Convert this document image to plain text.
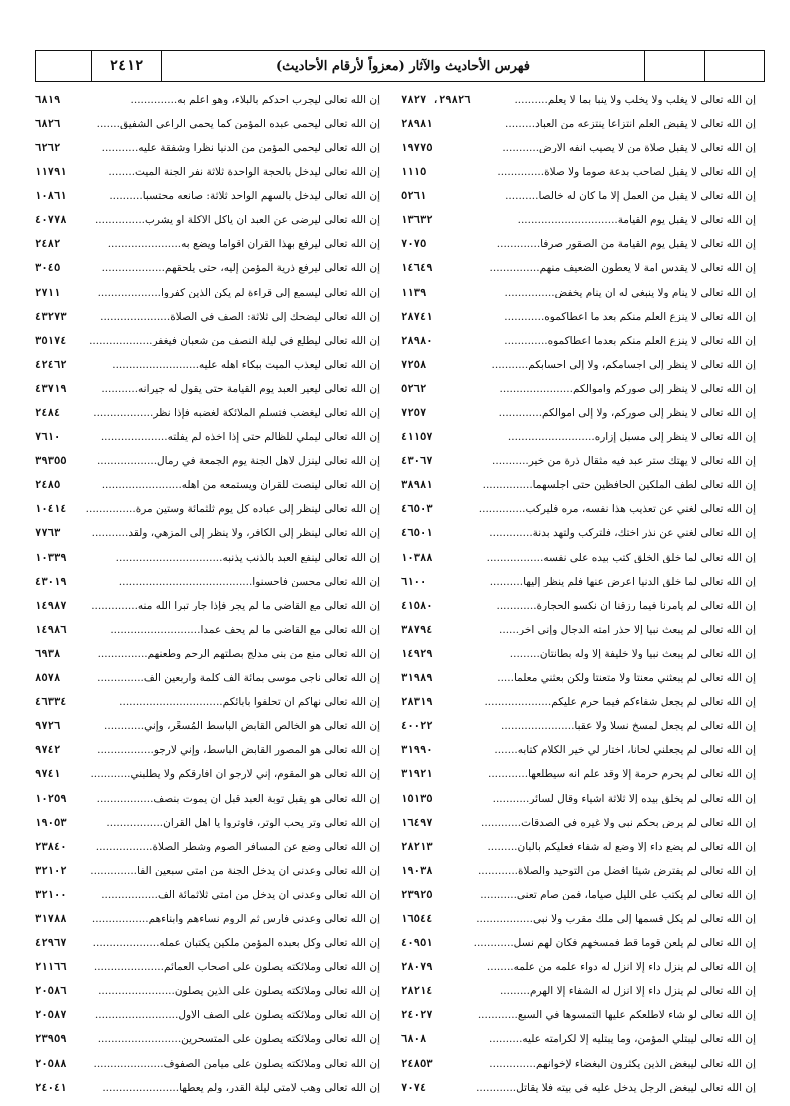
٢٤١٢	فهرس الأحاديث والآثار (معزواً لأرقام الأحاديث)
إن الله تعالى لا يغلب ولا يخلب ولا ينبأ بما لا يعلم..........
٢٩٨٢٦، ٧٨٢٧
إن الله تعالى لا يقبض العلم انتزاعا ينتزعه من العباد.........
٢٨٩٨١
إن الله تعالى لا يقبل صلاة من لا يصيب أنفه الأرض...........
١٩٧٧٥
إن الله تعالى لا يقبل لصاحب بدعة صوما ولا صلاة..............
١١١٥
إن الله تعالى لا يقبل من العمل إلا ما كان له خالصا..........
٥٢٦١
إن الله تعالى لا يقبل يوم القيامة..............................
١٣٦٣٢
إن الله تعالى لا يقبل يوم القيامة من الصقور صرفاً.............
٧٠٧٥
إن الله تعالى لا يقدس أمة لا يعطون الضعيف منهم...............
١٤٦٤٩
إن الله تعالى لا ينام ولا ينبغي له أن ينام يخفض...............
١١٣٩
إن الله تعالى لا ينزع العلم منكم بعد ما أعطاكموه............
٢٨٧٤١
إن الله تعالى لا ينزع العلم منكم بعدما أعطاكموه.............
٢٨٩٨٠
إن الله تعالى لا ينظر إلى أجسامكم، ولا إلى أحسابكم...........
٧٢٥٨
إن الله تعالى لا ينظر إلى صوركم وأموالكم......................
٥٢٦٢
إن الله تعالى لا ينظر إلى صوركم، ولا إلى أموالكم.............
٧٢٥٧
إن الله تعالى لا ينظر إلى مسبل إزاره..........................
٤١١٥٧
إن الله تعالى لا يهتك ستر عبد فيه مثقال ذرة من خير...........
٤٣٠٦٧
إن الله تعالى لطف الملكين الحافظين حتى أجلسهما...............
٣٨٩٨١
إن الله تعالى لغني عن تعذيب هذا نفسه، مره فليركب..............
٤٦٥٠٣
إن الله تعالى لغني عن نذر أختك، فلتركب ولتهد بدنة.............
٤٦٥٠١
إن الله تعالى لما خلق الخلق كتب بيده على نفسه.................
١٠٣٨٨
إن الله تعالى لما خلق الدنيا أعرض عنها فلم ينظر إليها..........
٦١٠٠
إن الله تعالى لم يأمرنا فيما رزقنا أن نكسو الحجارة............
٤١٥٨٠
إن الله تعالى لم يبعث نبياً إلا حذر أمته الدجال وإني آخر......
٣٨٧٩٤
إن الله تعالى لم يبعث نبياً ولا خليفة إلا وله بطانتان.........
١٤٩٢٩
إن الله تعالى لم يبعثني معنتا ولا متعنتا ولكن بعثني معلما.....
٣١٩٨٩
إن الله تعالى لم يجعل شفاءكم فيما حرم عليكم....................
٢٨٣١٩
إن الله تعالى لم يجعل لمسخ نسلا ولا عقبا......................
٤٠٠٢٢
إن الله تعالى لم يجعلني لحاناً، اختار لي خير الكلام كتابه.......
٣١٩٩٠
إن الله تعالى لم يحرم حرمة إلا وقد علم أنه سيطلعها............
٣١٩٢١
إن الله تعالى لم يخلق بيده إلا ثلاثة أشياء وقال لسائر...........
١٥١٣٥
إن الله تعالى لم يرض بحكم نبي ولا غيره في الصدقات............
١٦٤٩٧
إن الله تعالى لم يضع داء إلا وضع له شفاء فعليكم بألبان.........
٢٨٢١٣
إن الله تعالى لم يفترض شيئاً أفضل من التوحيد والصلاة............
١٩٠٣٨
إن الله تعالى لم يكتب على الليل صياماً، فمن صام تعنى...........
٢٣٩٢٥
إن الله تعالى لم يكل قسمها إلى ملك مقرب ولا نبي.................
١٦٥٤٤
إن الله تعالى لم يلعن قوماً قط فمسخهم فكان لهم نسل............
٤٠٩٥١
إن الله تعالى لم ينزل داء إلا أنزل له دواء علمه من علمه........
٢٨٠٧٩
إن الله تعالى لم ينزل داء إلا أنزل له الشفاء إلا الهرم.........
٢٨٢١٤
إن الله تعالى لو شاء لأطلعكم عليها التمسوها في السبع............
٢٤٠٢٧
إن الله تعالى ليبتلي المؤمن، وما يبتليه إلا لكرامته عليه..........
٦٨٠٨
إن الله تعالى ليبغض الذين يكثرون البغضاء لإخوانهم..............
٢٤٨٥٣
إن الله تعالى ليبغض الرجل يدخل عليه في بيته فلا يقاتل............
٧٠٧٤
إن الله تعالى ليجرب أحدكم بالبلاء، وهو أعلم به..............
٦٨١٩
إن الله تعالى ليحمي عبده المؤمن كما يحمي الراعي الشفيق.......
٦٨٢٦
إن الله تعالى ليحمي المؤمن من الدنيا نظرا وشفقة عليه...........
٦٢٦٢
إن الله تعالى ليدخل بالحجة الواحدة ثلاثة نفر الجنة الميت........
١١٧٩١
إن الله تعالى ليدخل بالسهم الواحد ثلاثة: صانعه محتسبا..........
١٠٨٦١
إن الله تعالى ليرضى عن العبد أن يأكل الأكلة أو يشرب...............
٤٠٧٧٨
إن الله تعالى ليرفع بهذا القرآن أقواما ويضع به......................
٢٤٨٢
إن الله تعالى ليرفع ذرية المؤمن إليه، حتى يلحقهم...................
٣٠٤٥
إن الله تعالى ليسمع إلى قراءة لم يكن الذين كفروا...................
٢٧١١
إن الله تعالى ليضحك إلى ثلاثة: الصف في الصلاة.....................
٤٣٢٧٣
إن الله تعالى ليطلع في ليلة النصف من شعبان فيغفر...................
٣٥١٧٤
إن الله تعالى ليعذب الميت ببكاء أهله عليه..........................
٤٢٤٦٢
إن الله تعالى ليعير العبد يوم القيامة حتى يقول له جيرانه...........
٤٣٧١٩
إن الله تعالى ليغضب فتسلم الملائكة لغضبه فإذا نظر..................
٢٤٨٤
إن الله تعالى ليملي للظالم حتى إذا أخذه لم يفلته....................
٧٦١٠
إن الله تعالى لينزل لأهل الجنة يوم الجمعة في رمال..................
٣٩٣٥٥
إن الله تعالى لينصت للقرآن ويستمعه من أهله........................
٢٤٨٥
إن الله تعالى لينظر إلى عباده كل يوم ثلثمائة وستين مرة...............
١٠٤١٤
إن الله تعالى لينظر إلى الكافر، ولا ينظر إلى المزهي، ولقد...........
٧٧٦٣
إن الله تعالى لينفع العبد بالذنب يذنبه................................
١٠٣٣٩
إن الله تعالى محسن فأحسنوا........................................
٤٣٠١٩
إن الله تعالى مع القاضي ما لم يجر فإذا جار تبرأ الله منه..............
١٤٩٨٧
إن الله تعالى مع القاضي ما لم يحف عمدا...........................
١٤٩٨٦
إن الله تعالى منع من بني مدلج بصلتهم الرحم وطعنهم...............
٦٩٣٨
إن الله تعالى ناجى موسى بمائة ألف كلمة وأربعين ألف..............
٨٥٧٨
إن الله تعالى نهاكم أن تحلفوا بآبائكم...............................
٤٦٣٣٤
إن الله تعالى هو الخالص القابض الباسط المُسعِّر، وإني............
٩٧٢٦
إن الله تعالى هو المصور القابض الباسط، وإني لأرجو.................
٩٧٤٢
إن الله تعالى هو المقوم، إني لأرجو أن أفارقكم ولا يطلبني............
٩٧٤١
إن الله تعالى هو يقبل توبة العبد قبل أن يموت بنصف.................
١٠٢٥٩
إن الله تعالى وتر يحب الوتر، فأوتروا يا أهل القرآن.................
١٩٠٥٣
إن الله تعالى وضع عن المسافر الصوم وشطر الصلاة.................
٢٣٨٤٠
إن الله تعالى وعدني أن يدخل الجنة من أمتي سبعين ألفا..............
٣٢١٠٢
إن الله تعالى وعدني أن يدخل من أمتي ثلاثمائة ألف.................
٣٢١٠٠
إن الله تعالى وعدني فارس ثم الروم نساءهم وأبناءهم.................
٣١٧٨٨
إن الله تعالى وكل بعبده المؤمن ملكين يكتبان عمله....................
٤٢٩٦٧
إن الله تعالى وملائكته يصلون على أصحاب العمائم.....................
٢١١٦٦
إن الله تعالى وملائكته يصلون على الذين يصلون.......................
٢٠٥٨٦
إن الله تعالى وملائكته يصلون على الصف الأول.........................
٢٠٥٨٧
إن الله تعالى وملائكته يصلون على المتسحرين.........................
٢٣٩٥٩
إن الله تعالى وملائكته يصلون على ميامن الصفوف.....................
٢٠٥٨٨
إن الله تعالى وهب لأمتي ليلة القدر، ولم يعطها.......................
٢٤٠٤١
